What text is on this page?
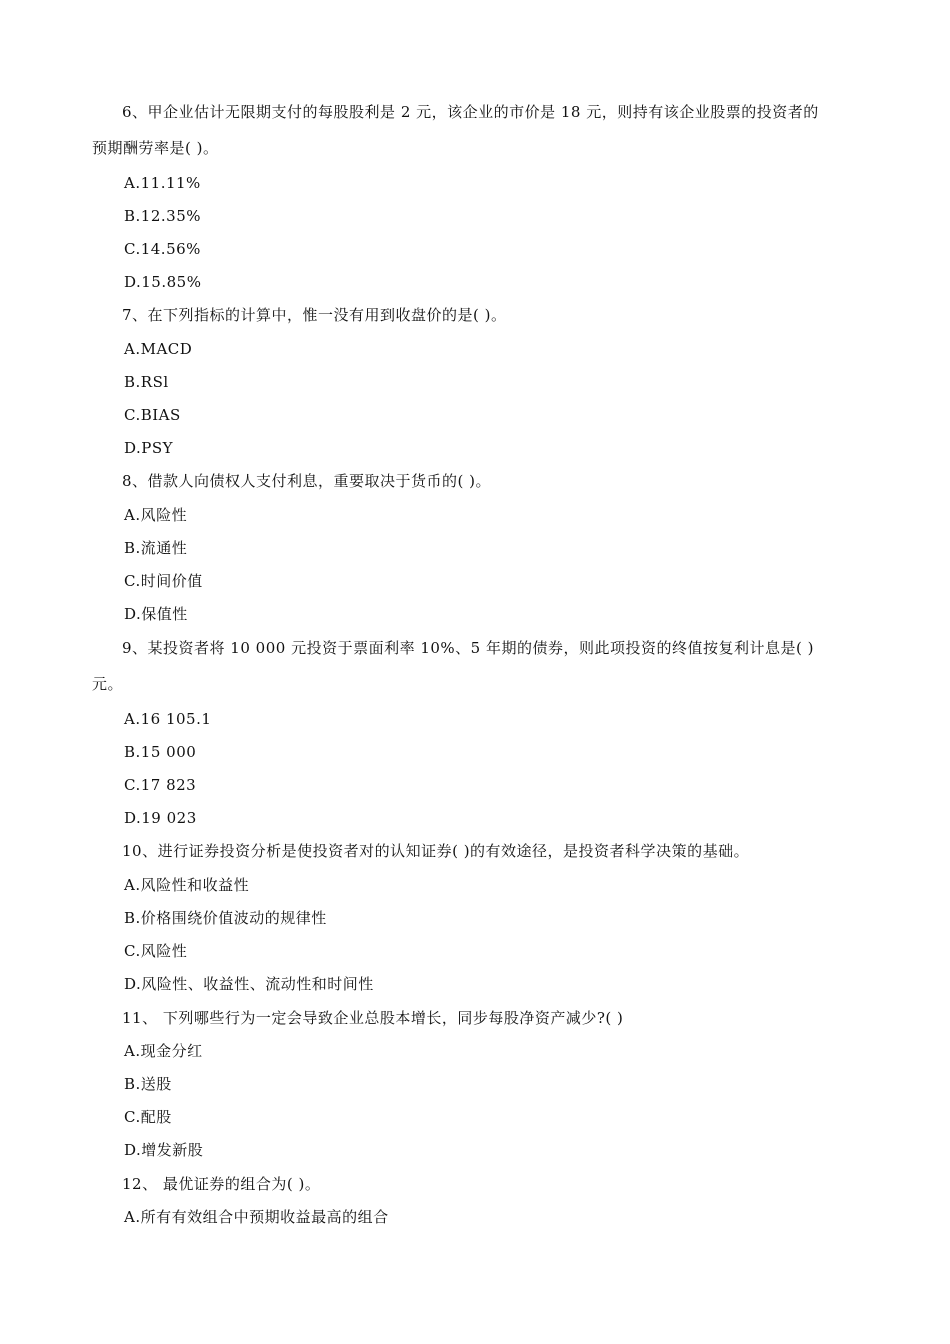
6、甲企业估计无限期支付的每股股利是 2 元，该企业的市价是 18 元，则持有该企业股票的投资者的
预期酬劳率是( )。
A.11.11%
B.12.35%
C.14.56%
D.15.85%
7、在下列指标的计算中，惟一没有用到收盘价的是( )。
A.MACD
B.RSl
C.BIAS
D.PSY
8、借款人向债权人支付利息，重要取决于货币的( )。
A.风险性
B.流通性
C.时间价值
D.保值性
9、某投资者将 10 000 元投资于票面利率 10%、5 年期的债券，则此项投资的终值按复利计息是( )
元。
A.16 105.1
B.15 000
C.17 823
D.19 023
10、进行证券投资分析是使投资者对的认知证券( )的有效途径，是投资者科学决策的基础。
A.风险性和收益性
B.价格围绕价值波动的规律性
C.风险性
D.风险性、收益性、流动性和时间性
11、 下列哪些行为一定会导致企业总股本增长，同步每股净资产减少?( )
A.现金分红
B.送股
C.配股
D.增发新股
12、 最优证券的组合为( )。
A.所有有效组合中预期收益最高的组合
